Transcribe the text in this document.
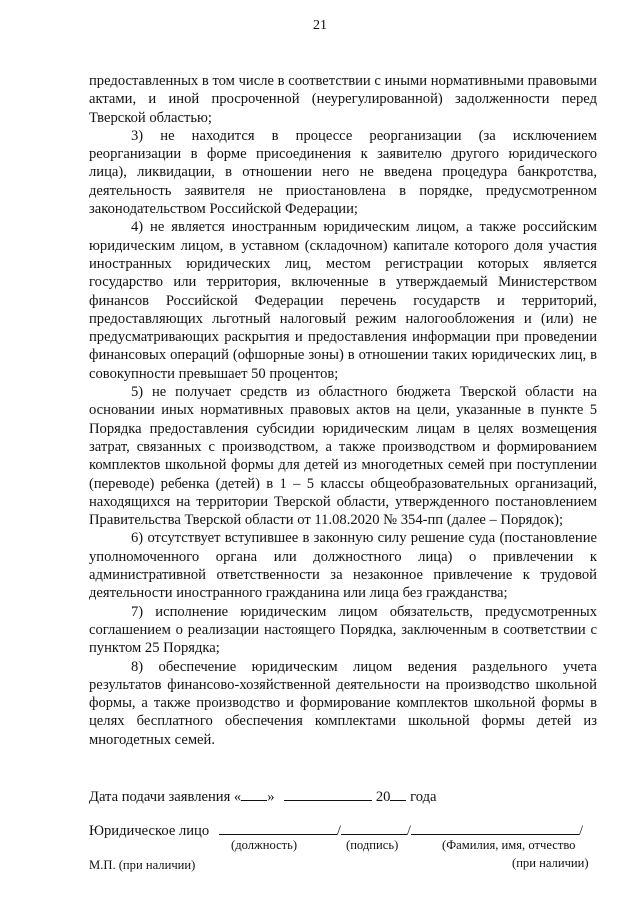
21

предоставленных в том числе в соответствии с иными нормативными правовыми актами, и иной просроченной (неурегулированной) задолженности перед Тверской областью;

3) не находится в процессе реорганизации (за исключением реорганизации в форме присоединения к заявителю другого юридического лица), ликвидации, в отношении него не введена процедура банкротства, деятельность заявителя не приостановлена в порядке, предусмотренном законодательством Российской Федерации;

4) не является иностранным юридическим лицом, а также российским юридическим лицом, в уставном (складочном) капитале которого доля участия иностранных юридических лиц, местом регистрации которых является государство или территория, включенные в утверждаемый Министерством финансов Российской Федерации перечень государств и территорий, предоставляющих льготный налоговый режим налогообложения и (или) не предусматривающих раскрытия и предоставления информации при проведении финансовых операций (офшорные зоны) в отношении таких юридических лиц, в совокупности превышает 50 процентов;

5) не получает средств из областного бюджета Тверской области на основании иных нормативных правовых актов на цели, указанные в пункте 5 Порядка предоставления субсидии юридическим лицам в целях возмещения затрат, связанных с производством, а также производством и формированием комплектов школьной формы для детей из многодетных семей при поступлении (переводе) ребенка (детей) в 1 – 5 классы общеобразовательных организаций, находящихся на территории Тверской области, утвержденного постановлением Правительства Тверской области от 11.08.2020 № 354-пп (далее – Порядок);

6) отсутствует вступившее в законную силу решение суда (постановление уполномоченного органа или должностного лица) о привлечении к административной ответственности за незаконное привлечение к трудовой деятельности иностранного гражданина или лица без гражданства;

7) исполнение юридическим лицом обязательств, предусмотренных соглашением о реализации настоящего Порядка, заключенным в соответствии с пунктом 25 Порядка;

8) обеспечение юридическим лицом ведения раздельного учета результатов финансово-хозяйственной деятельности на производство школьной формы, а также производство и формирование комплектов школьной формы в целях бесплатного обеспечения комплектами школьной формы детей из многодетных семей.

Дата подачи заявления « »	20 года
Юридическое лицо	/	/	/
(должность)	(подпись)	(Фамилия, имя, отчество
М.П. (при наличии)	(при наличии)
